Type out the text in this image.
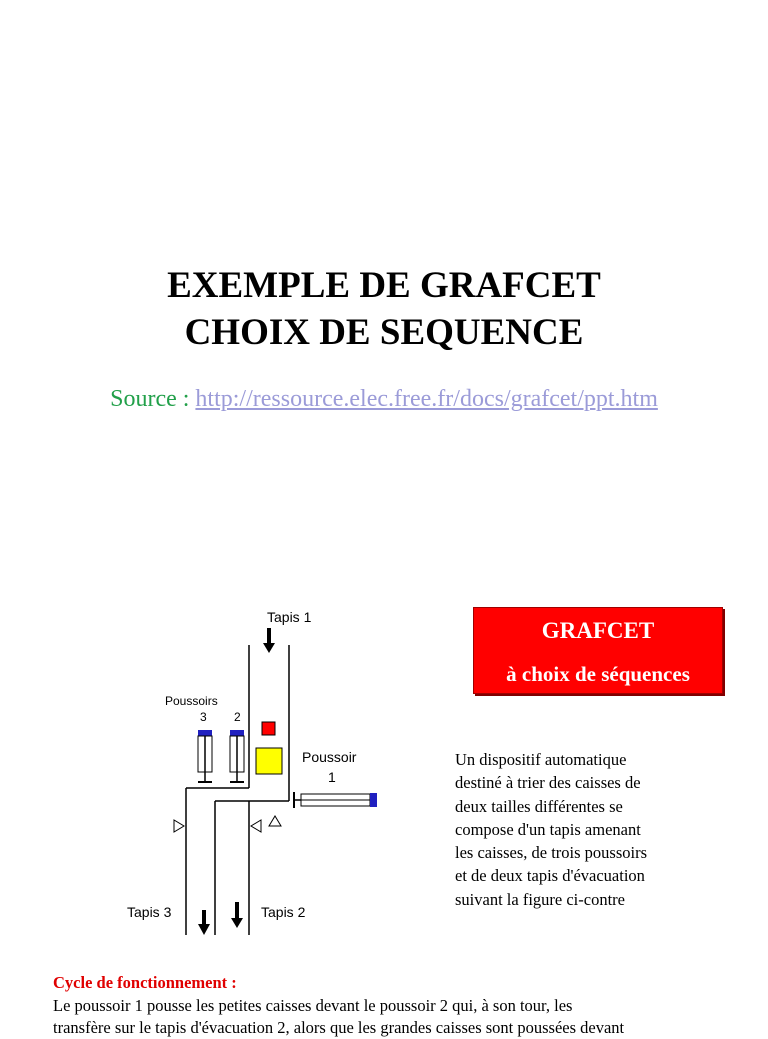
EXEMPLE DE GRAFCET
CHOIX DE SEQUENCE
Source : http://ressource.elec.free.fr/docs/grafcet/ppt.htm
Tapis 1
Poussoirs
3 2
Poussoir
1
Tapis 3	Tapis 2
GRAFCET
à choix de séquences
Un dispositif automatique
destiné à trier des caisses de
deux tailles différentes se
compose d'un tapis amenant
les caisses, de trois poussoirs
et de deux tapis d'évacuation
suivant la figure ci-contre
Cycle de fonctionnement :
Le poussoir 1 pousse les petites caisses devant le poussoir 2 qui, à son tour, les
transfère sur le tapis d'évacuation 2, alors que les grandes caisses sont poussées devant
